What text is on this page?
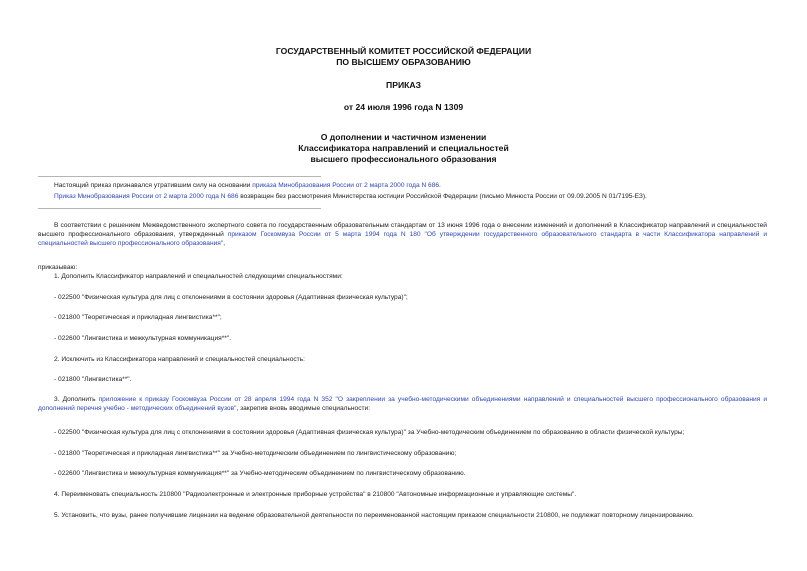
ГОСУДАРСТВЕННЫЙ КОМИТЕТ РОССИЙСКОЙ ФЕДЕРАЦИИ
ПО ВЫСШЕМУ ОБРАЗОВАНИЮ
ПРИКАЗ
от 24 июля 1996 года N 1309
О дополнении и частичном изменении
Классификатора направлений и специальностей
высшего профессионального образования
Настоящий приказ признавался утратившим силу на основании приказа Минобразования России от 2 марта 2000 года N 686.
Приказ Минобразования России от 2 марта 2000 года N 686 возвращен без рассмотрения Министерства юстиции Российской Федерации (письмо Минюста России от 09.09.2005 N 01/7195-ЕЗ).
В соответствии с решением Межведомственного экспертного совета по государственным образовательным стандартам от 13 июня 1996 года о внесении изменений и дополнений в Классификатор направлений и специальностей высшего профессионального образования, утвержденный приказом Госкомвуза России от 5 марта 1994 года N 180 "Об утверждении государственного образовательного стандарта в части Классификатора направлений и специальностей высшего профессионального образования",
приказываю:
1. Дополнить Классификатор направлений и специальностей следующими специальностями:
- 022500 "Физическая культура для лиц с отклонениями в состоянии здоровья (Адаптивная физическая культура)";
- 021800 "Теоретическая и прикладная лингвистика**";
- 022600 "Лингвистика и межкультурная коммуникация**".
2. Исключить из Классификатора направлений и специальностей специальность:
- 021800 "Лингвистика**".
3. Дополнить приложение к приказу Госкомвуза России от 28 апреля 1994 года N 352 "О закреплении за учебно-методическими объединениями направлений и специальностей высшего профессионального образования и дополнений перечня учебно - методических объединений вузов", закрепив вновь вводимые специальности:
- 022500 "Физическая культура для лиц с отклонениями в состоянии здоровья (Адаптивная физическая культура)" за Учебно-методическим объединением по образованию в области физической культуры;
- 021800 "Теоретическая и прикладная лингвистика**" за Учебно-методическим объединением по лингвистическому образованию;
- 022600 "Лингвистика и межкультурная коммуникация**" за Учебно-методическим объединением по лингвистическому образованию.
4. Переименовать специальность 210800 "Радиоэлектронные и электронные приборные устройства" в 210800 "Автономные информационные и управляющие системы".
5. Установить, что вузы, ранее получившие лицензии на ведение образовательной деятельности по переименованной настоящим приказом специальности 210800, не подлежат повторному лицензированию.
